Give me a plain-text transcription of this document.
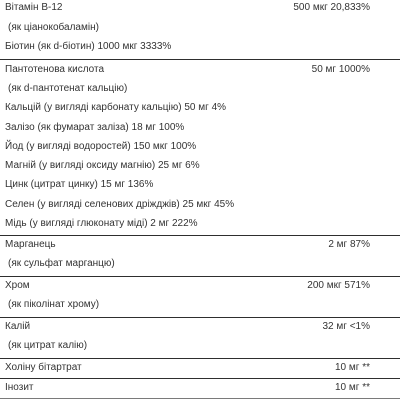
Вітамін B-12	500 мкг 20,833%
(як ціанокобаламін)
Біотин (як d-біотин) 1000 мкг 3333%
Пантотенова кислота	50 мг 1000%
(як d-пантотенат кальцію)
Кальцій (у вигляді карбонату кальцію) 50 мг 4%
Залізо (як фумарат заліза) 18 мг 100%
Йод (у вигляді водоростей) 150 мкг 100%
Магній (у вигляді оксиду магнію) 25 мг 6%
Цинк (цитрат цинку) 15 мг 136%
Селен (у вигляді селенових дріжджів) 25 мкг 45%
Мідь (у вигляді глюконату міді) 2 мг 222%
Марганець	2 мг 87%
(як сульфат марганцю)
Хром	200 мкг 571%
(як піколінат хрому)
Калій	32 мг <1%
(як цитрат калію)
Холіну бітартрат	10 мг **
Інозит	10 мг **
